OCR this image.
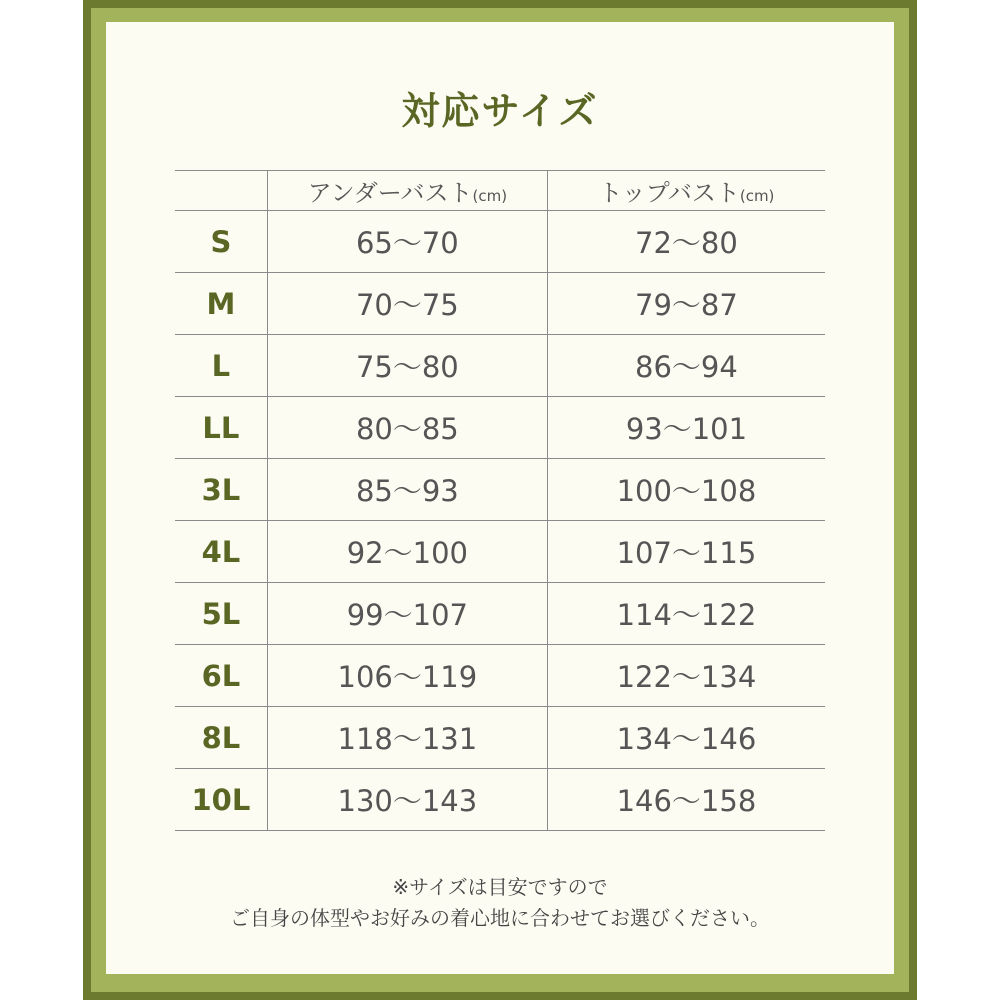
対応サイズ
	アンダーバスト(cm)	トップバスト(cm)
S	65〜70	72〜80
M	70〜75	79〜87
L	75〜80	86〜94
LL	80〜85	93〜101
3L	85〜93	100〜108
4L	92〜100	107〜115
5L	99〜107	114〜122
6L	106〜119	122〜134
8L	118〜131	134〜146
10L	130〜143	146〜158
※サイズは目安ですので
ご自身の体型やお好みの着心地に合わせてお選びください。
